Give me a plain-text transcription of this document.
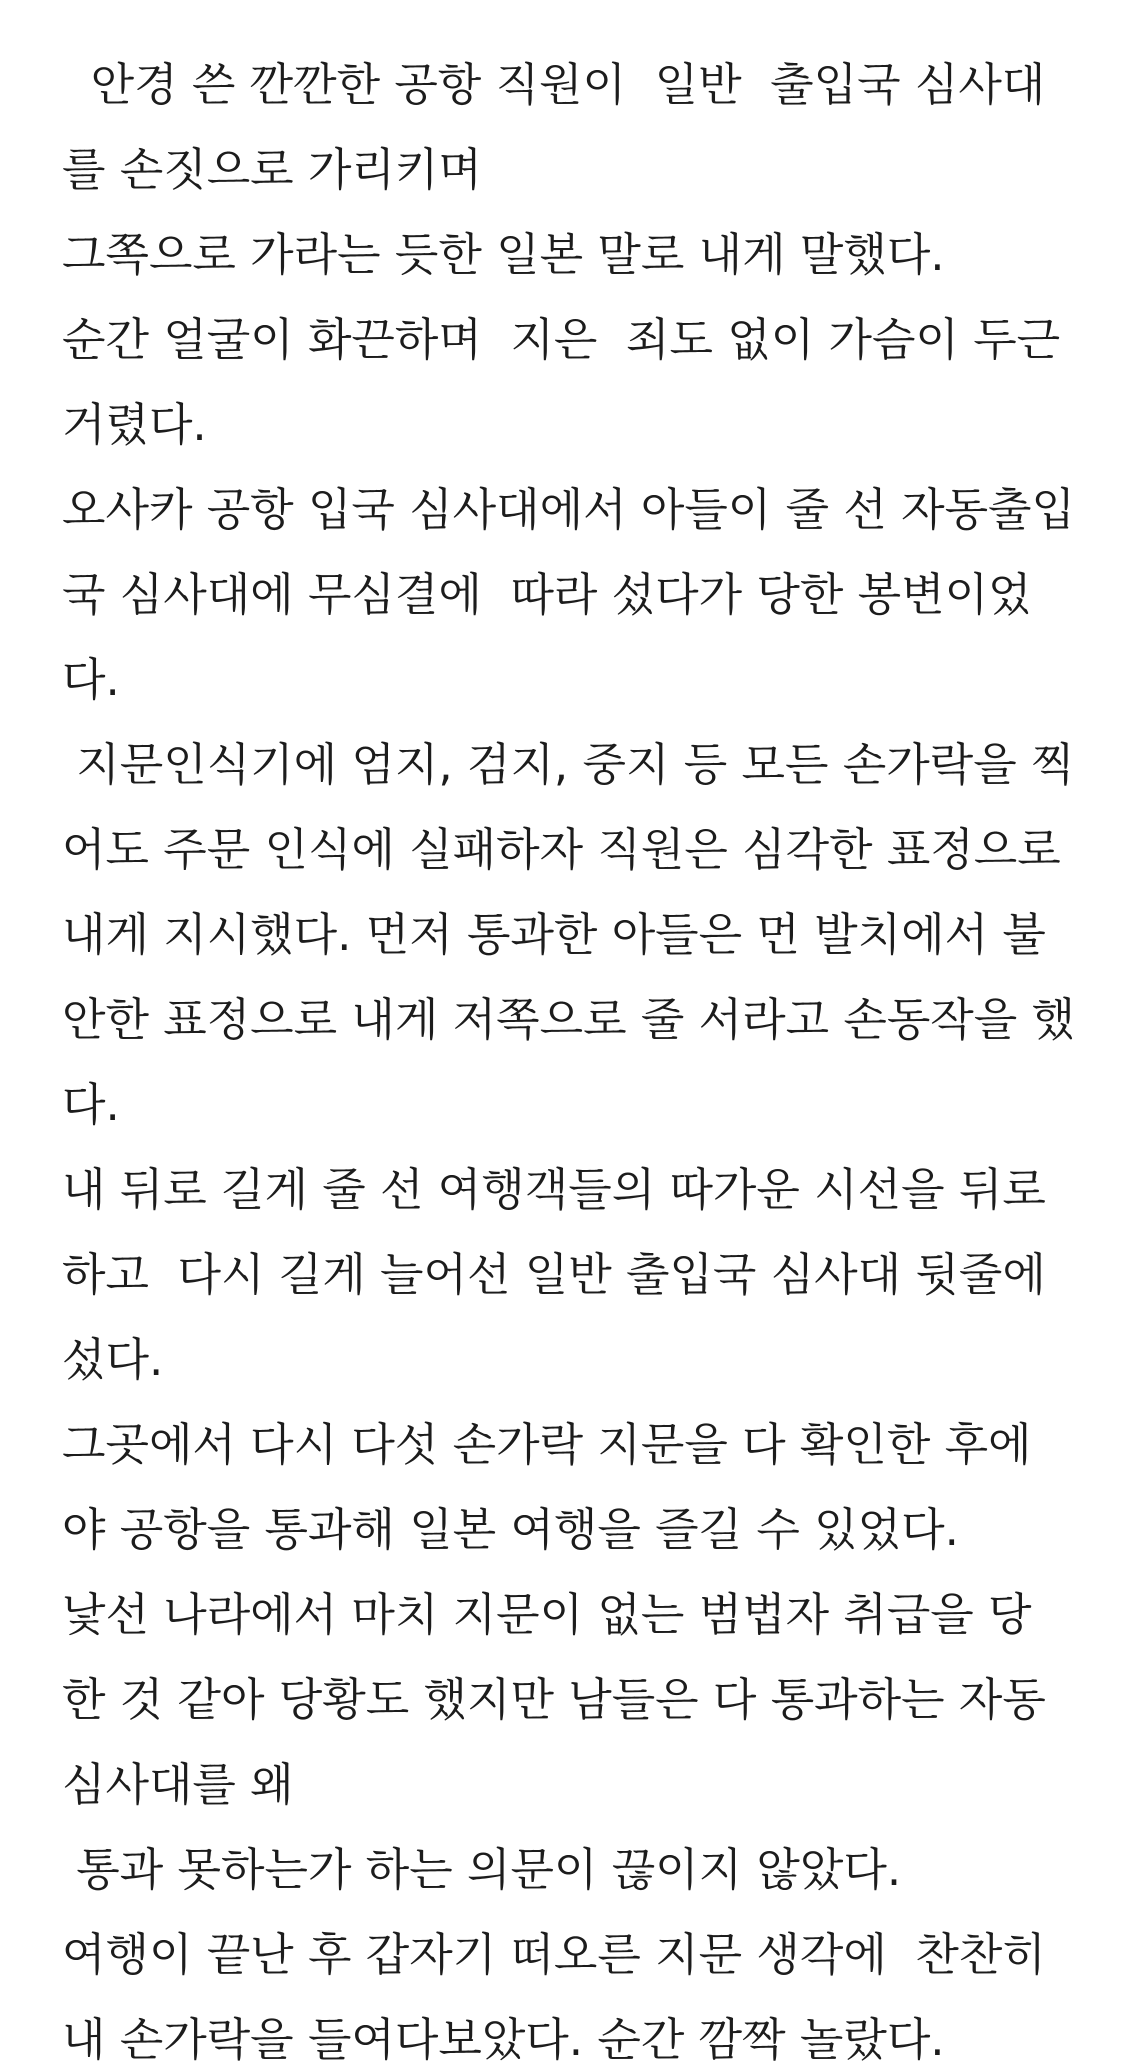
안경 쓴 깐깐한 공항 직원이  일반  출입국 심사대
를 손짓으로 가리키며
그쪽으로 가라는 듯한 일본 말로 내게 말했다.
순간 얼굴이 화끈하며  지은  죄도 없이 가슴이 두근
거렸다.
오사카 공항 입국 심사대에서 아들이 줄 선 자동출입
국 심사대에 무심결에  따라 섰다가 당한 봉변이었
다.
지문인식기에 엄지, 검지, 중지 등 모든 손가락을 찍
어도 주문 인식에 실패하자 직원은 심각한 표정으로
내게 지시했다. 먼저 통과한 아들은 먼 발치에서 불
안한 표정으로 내게 저쪽으로 줄 서라고 손동작을 했
다.
내 뒤로 길게 줄 선 여행객들의 따가운 시선을 뒤로
하고  다시 길게 늘어선 일반 출입국 심사대 뒷줄에
섰다.
그곳에서 다시 다섯 손가락 지문을 다 확인한 후에
야 공항을 통과해 일본 여행을 즐길 수 있었다.
낯선 나라에서 마치 지문이 없는 범법자 취급을 당
한 것 같아 당황도 했지만 남들은 다 통과하는 자동
심사대를 왜
통과 못하는가 하는 의문이 끊이지 않았다.
여행이 끝난 후 갑자기 떠오른 지문 생각에  찬찬히
내 손가락을 들여다보았다. 순간 깜짝 놀랐다.
